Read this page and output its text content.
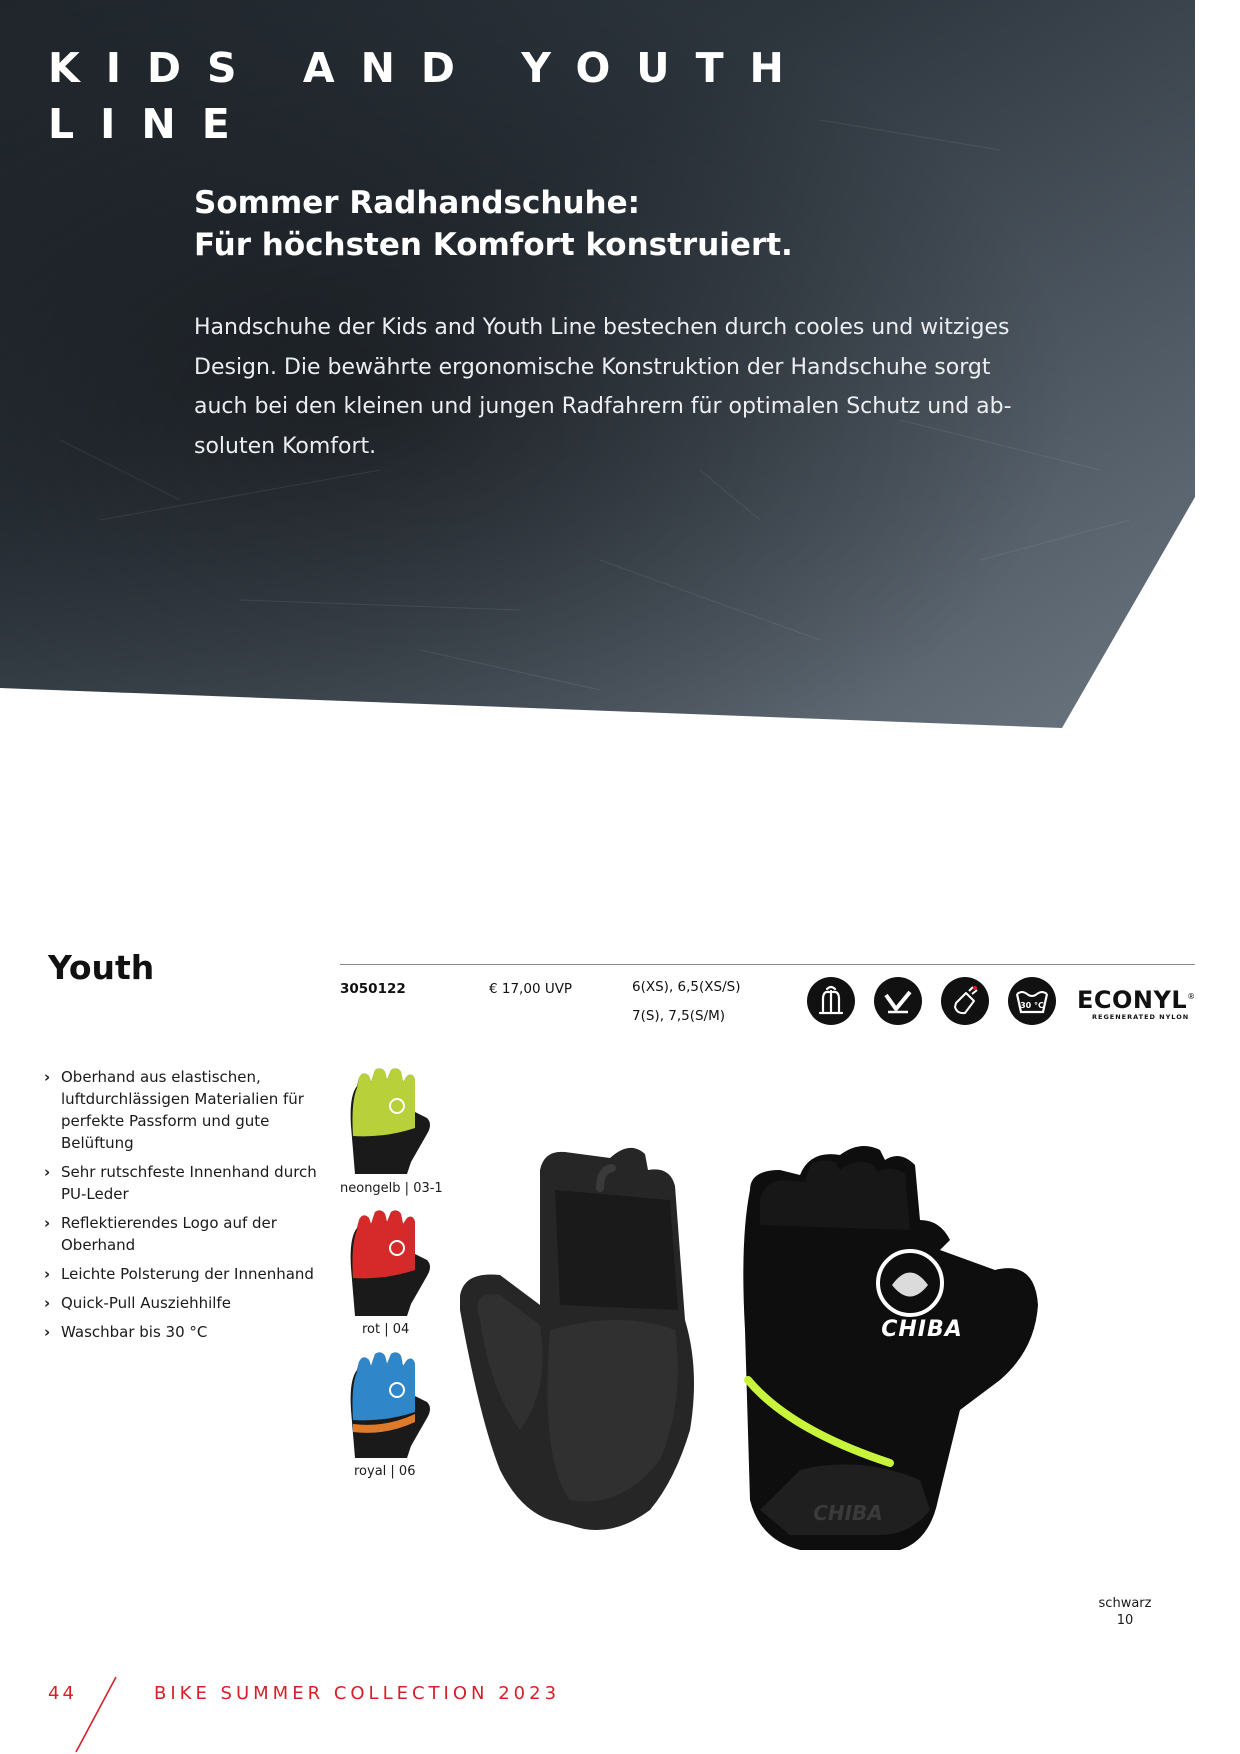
KIDS AND YOUTH
LINE
Sommer Radhandschuhe:
Für höchsten Komfort konstruiert.

Handschuhe der Kids and Youth Line bestechen durch cooles und witziges
Design. Die bewährte ergonomische Konstruktion der Handschuhe sorgt
auch bei den kleinen und jungen Radfahrern für optimalen Schutz und ab-
soluten Komfort.

Youth
3050122	€ 17,00 UVP	6(XS), 6,5(XS/S)
7(S), 7,5(S/M)
30 °C ECONYL®
REGENERATED NYLON
› Oberhand aus elastischen, luftdurchlässigen Materialien für perfekte Passform und gute Belüftung
› Sehr rutschfeste Innenhand durch PU-Leder
› Reflektierendes Logo auf der Oberhand
› Leichte Polsterung der Innenhand
› Quick-Pull Ausziehhilfe
› Waschbar bis 30 °C
neongelb | 03-1
rot | 04
royal | 06
CHIBA
CHIBA
schwarz
10
44	BIKE SUMMER COLLECTION 2023
